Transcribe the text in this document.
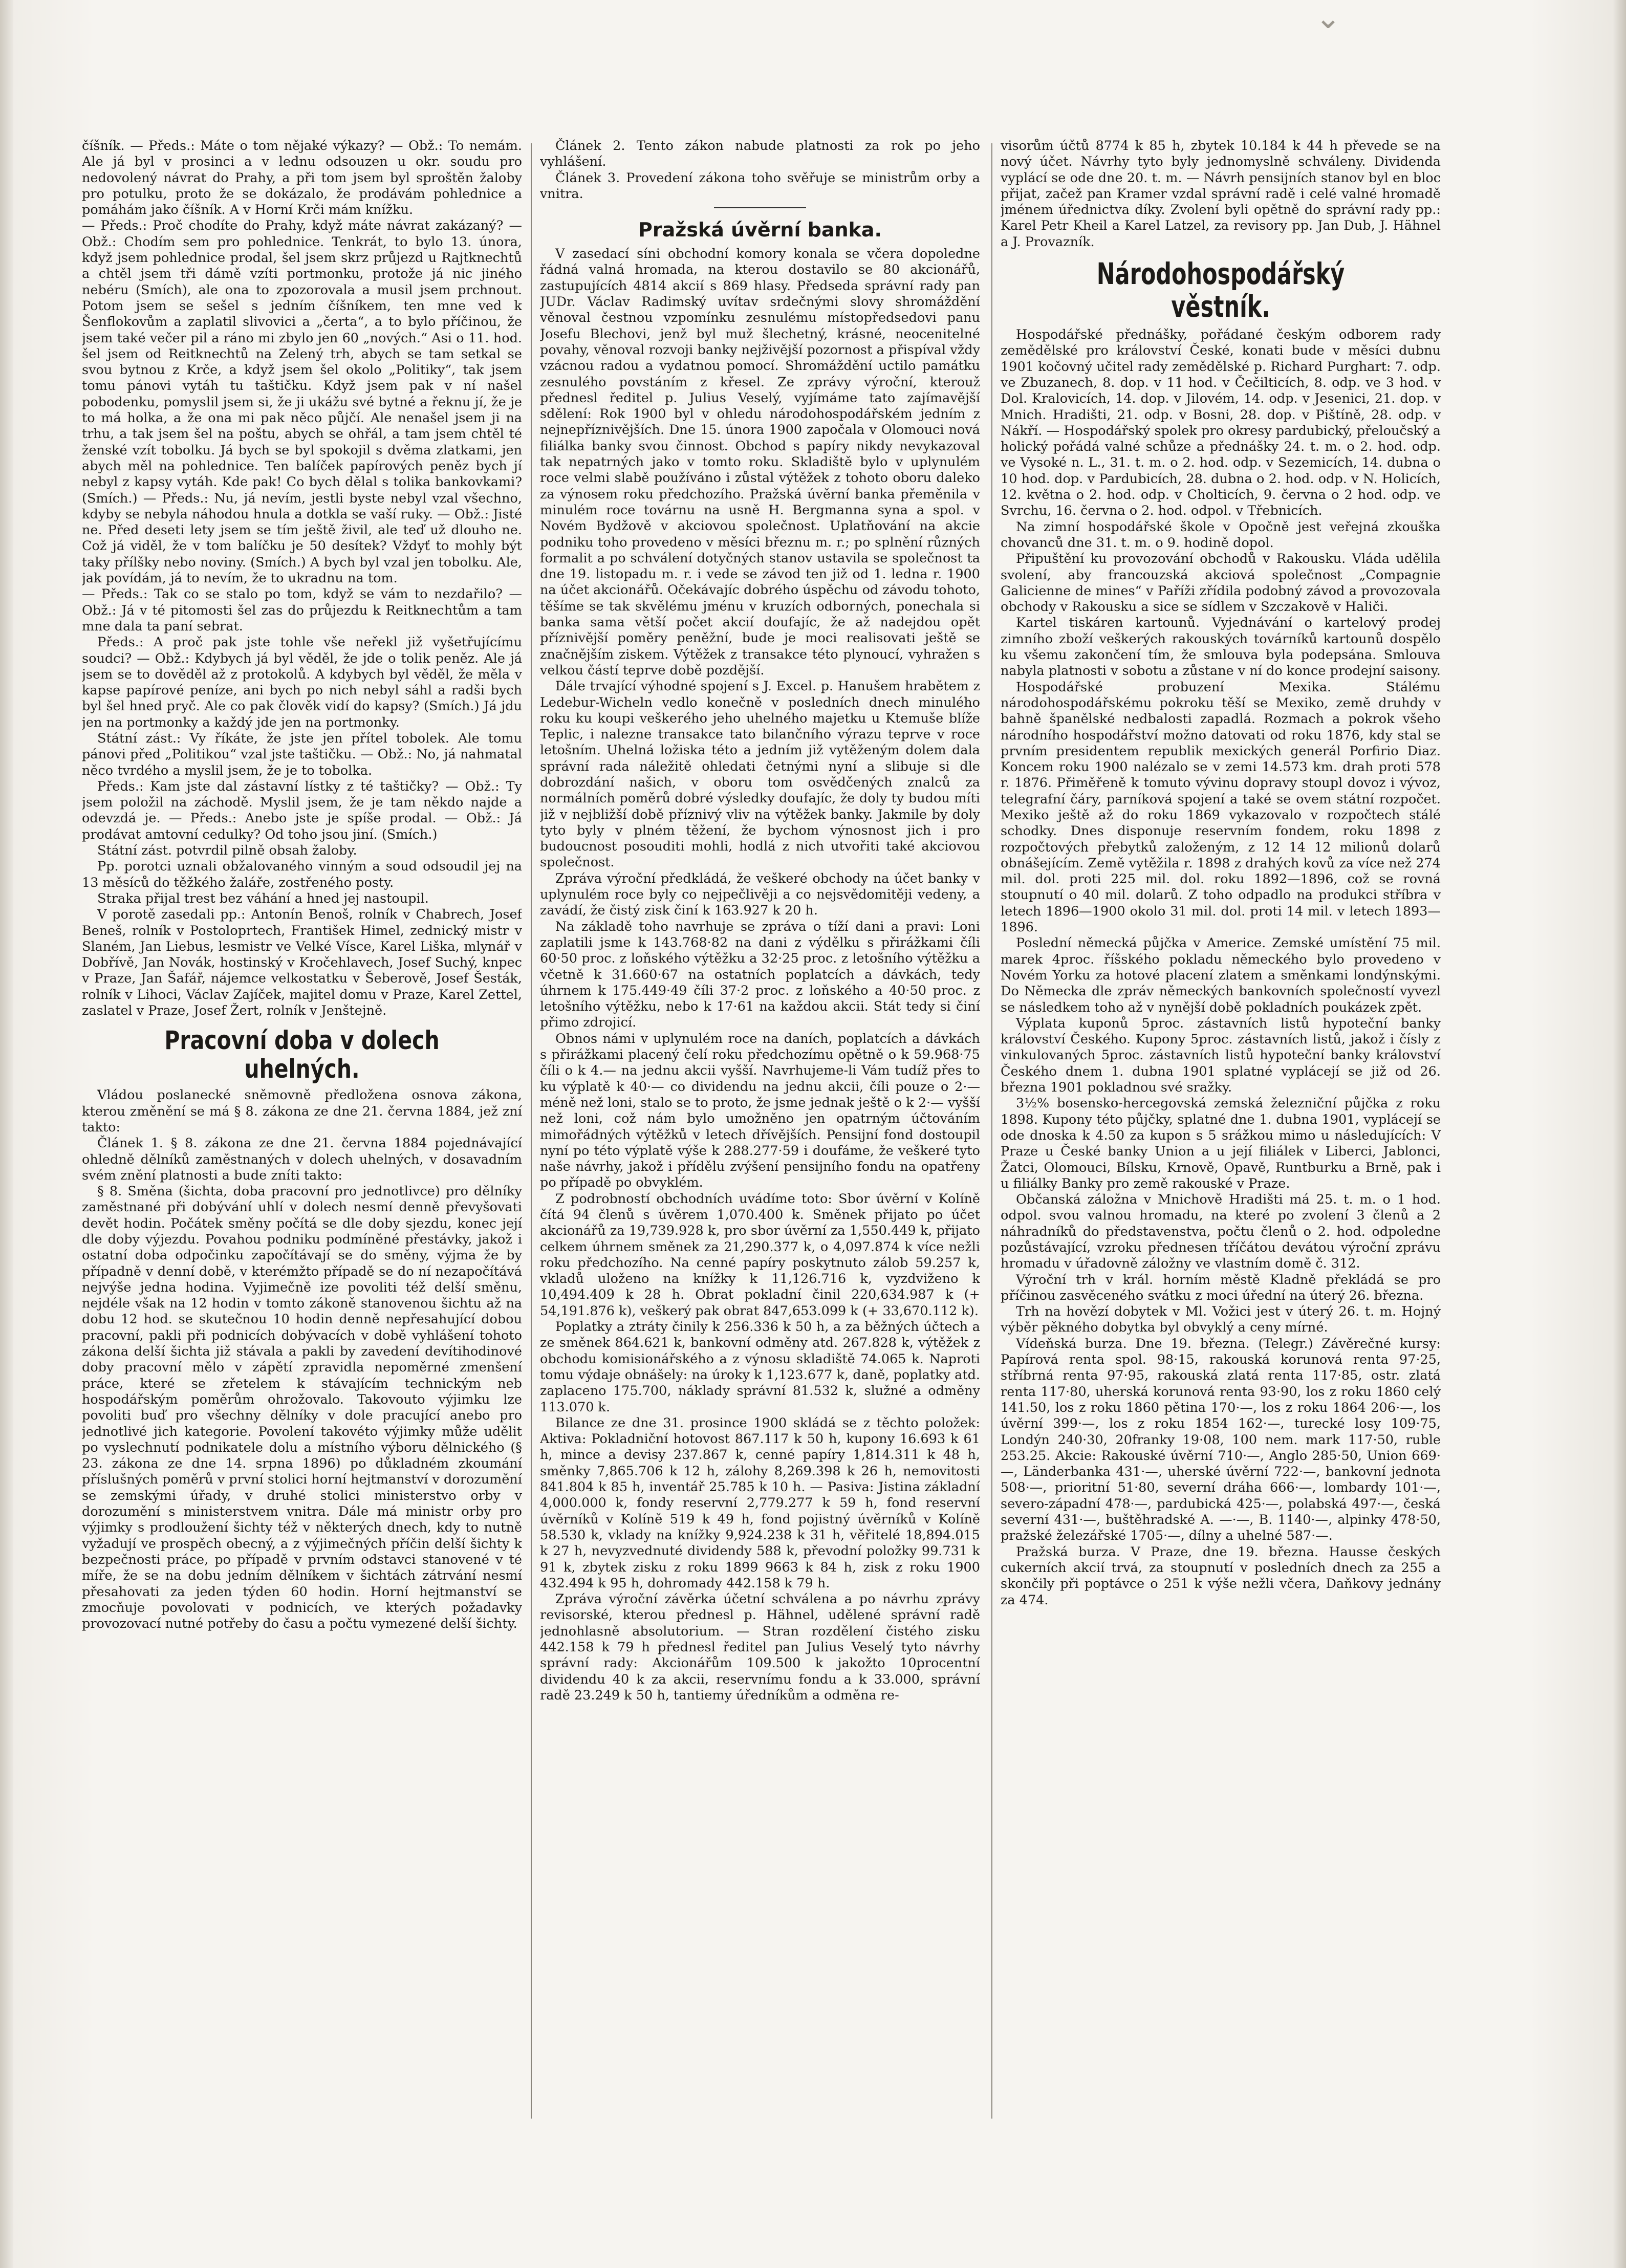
⌄

číšník. — Předs.: Máte o tom nějaké výkazy? — Obž.: To nemám. Ale já byl v prosinci a v lednu odsouzen u okr. soudu pro nedovolený návrat do Prahy, a při tom jsem byl sproštěn žaloby pro potulku, proto že se dokázalo, že prodávám pohlednice a pomáhám jako číšník. A v Horní Krči mám knížku.

— Předs.: Proč chodíte do Prahy, když máte návrat zakázaný? — Obž.: Chodím sem pro pohlednice. Tenkrát, to bylo 13. února, když jsem pohlednice prodal, šel jsem skrz průjezd u Rajtknechtů a chtěl jsem tři dámě vzíti portmonku, protože já nic jiného nebéru (Smích), ale ona to zpozorovala a musil jsem prchnout. Potom jsem se sešel s jedním číšníkem, ten mne ved k Šenflokovům a zaplatil slivovici a „čerta“, a to bylo příčinou, že jsem také večer pil a ráno mi zbylo jen 60 „nových.“ Asi o 11. hod. šel jsem od Reitknechtů na Zelený trh, abych se tam setkal se svou bytnou z Krče, a když jsem šel okolo „Politiky“, tak jsem tomu pánovi vytáh tu taštičku. Když jsem pak v ní našel pobodenku, pomyslil jsem si, že ji ukážu své bytné a řeknu jí, že je to má holka, a že ona mi pak něco půjčí. Ale nenašel jsem ji na trhu, a tak jsem šel na poštu, abych se ohřál, a tam jsem chtěl té ženské vzít tobolku. Já bych se byl spokojil s dvěma zlatkami, jen abych měl na pohlednice. Ten balíček papírových peněz bych jí nebyl z kapsy vytáh. Kde pak! Co bych dělal s tolika bankovkami? (Smích.) — Předs.: Nu, já nevím, jestli byste nebyl vzal všechno, kdyby se nebyla náhodou hnula a dotkla se vaší ruky. — Obž.: Jisté ne. Před deseti lety jsem se tím ještě živil, ale teď už dlouho ne. Což já viděl, že v tom balíčku je 50 desítek? Vždyť to mohly být taky přílšky nebo noviny. (Smích.) A bych byl vzal jen tobolku. Ale, jak povídám, já to nevím, že to ukradnu na tom.

— Předs.: Tak co se stalo po tom, když se vám to nezdařilo? — Obž.: Já v té pitomosti šel zas do průjezdu k Reitknechtům a tam mne dala ta paní sebrat.

Předs.: A proč pak jste tohle vše neřekl již vyšetřujícímu soudci? — Obž.: Kdybych já byl věděl, že jde o tolik peněz. Ale já jsem se to dověděl až z protokolů. A kdybych byl věděl, že měla v kapse papírové peníze, ani bych po nich nebyl sáhl a radši bych byl šel hned pryč. Ale co pak člověk vidí do kapsy? (Smích.) Já jdu jen na portmonky a každý jde jen na portmonky.

Státní zást.: Vy říkáte, že jste jen přítel tobolek. Ale tomu pánovi před „Politikou“ vzal jste taštičku. — Obž.: No, já nahmatal něco tvrdého a myslil jsem, že je to tobolka.

Předs.: Kam jste dal zástavní lístky z té taštičky? — Obž.: Ty jsem položil na záchodě. Myslil jsem, že je tam někdo najde a odevzdá je. — Předs.: Anebo jste je spíše prodal. — Obž.: Já prodávat amtovní cedulky? Od toho jsou jiní. (Smích.)

Státní zást. potvrdil pilně obsah žaloby.

Pp. porotci uznali obžalovaného vinným a soud odsoudil jej na 13 měsíců do těžkého žaláře, zostřeného posty.

Straka přijal trest bez váhání a hned jej nastoupil.

V porotě zasedali pp.: Antonín Benoš, rolník v Chabrech, Josef Beneš, rolník v Postoloprtech, František Himel, zednický mistr v Slaném, Jan Liebus, lesmistr ve Velké Vísce, Karel Liška, mlynář v Dobřívě, Jan Novák, hostinský v Kročehlavech, Josef Suchý, knpec v Praze, Jan Šafář, nájemce velkostatku v Šeberově, Josef Šesták, rolník v Lihoci, Václav Zajíček, majitel domu v Praze, Karel Zettel, zaslatel v Praze, Josef Žert, rolník v Jenštejně.

Pracovní doba v dolech uhelných.

Vládou poslanecké sněmovně předložena osnova zákona, kterou změnění se má § 8. zákona ze dne 21. června 1884, jež zní takto:

Článek 1. § 8. zákona ze dne 21. června 1884 pojednávající ohledně dělníků zaměstnaných v dolech uhelných, v dosavadním svém znění platnosti a bude zníti takto:

§ 8. Směna (šichta, doba pracovní pro jednotlivce) pro dělníky zaměstnané při dobývání uhlí v dolech nesmí denně převyšovati devět hodin. Počátek směny počítá se dle doby sjezdu, konec její dle doby výjezdu. Povahou podniku podmíněné přestávky, jakož i ostatní doba odpočinku započítávají se do směny, výjma že by případně v denní době, v kterémžto případě se do ní nezapočítává nejvýše jedna hodina. Vyjimečně ize povoliti též delší směnu, nejdéle však na 12 hodin v tomto zákoně stanovenou šichtu až na dobu 12 hod. se skutečnou 10 hodin denně nepřesahující dobou pracovní, pakli při podnicích dobývacích v době vyhlášení tohoto zákona delší šichta již stávala a pakli by zavedení devítihodinové doby pracovní mělo v zápětí zpravidla nepoměrné zmenšení práce, které se zřetelem k stávajícím technickým neb hospodářským poměrům ohrožovalo. Takovouto výjimku lze povoliti buď pro všechny dělníky v dole pracující anebo pro jednotlivé jich kategorie. Povolení takovéto výjimky může udělit po vyslechnutí podnikatele dolu a místního výboru dělnického (§ 23. zákona ze dne 14. srpna 1896) po důkladném zkoumání příslušných poměrů v první stolici horní hejtmanství v dorozumění se zemskými úřady, v druhé stolici ministerstvo orby v dorozumění s ministerstvem vnitra. Dále má ministr orby pro výjimky s prodloužení šichty též v některých dnech, kdy to nutně vyžadují ve prospěch obecný, a z výjimečných příčin delší šichty k bezpečnosti práce, po případě v prvním odstavci stanovené v té míře, že se na dobu jedním dělníkem v šichtách zátrvání nesmí přesahovati za jeden týden 60 hodin. Horní hejtmanství se zmocňuje povolovati v podnicích, ve kterých požadavky provozovací nutné potřeby do času a počtu vymezené delší šichty.

Článek 2. Tento zákon nabude platnosti za rok po jeho vyhlášení.

Článek 3. Provedení zákona toho svěřuje se ministrům orby a vnitra.

Pražská úvěrní banka.

V zasedací síni obchodní komory konala se včera dopoledne řádná valná hromada, na kterou dostavilo se 80 akcionářů, zastupujících 4814 akcií s 869 hlasy. Předseda správní rady pan JUDr. Václav Radimský uvítav srdečnými slovy shromáždění věnoval čestnou vzpomínku zesnulému místopředsedovi panu Josefu Blechovi, jenž byl muž šlechetný, krásné, neocenitelné povahy, věnoval rozvoji banky nejživější pozornost a přispíval vždy vzácnou radou a vydatnou pomocí. Shromáždění uctilo památku zesnulého povstáním z křesel. Ze zprávy výroční, kterouž přednesl ředitel p. Julius Veselý, vyjímáme tato zajímavější sdělení: Rok 1900 byl v ohledu národohospodářském jedním z nejnepříznivějších. Dne 15. února 1900 započala v Olomouci nová filiálka banky svou činnost. Obchod s papíry nikdy nevykazoval tak nepatrných jako v tomto roku. Skladiště bylo v uplynulém roce velmi slabě používáno i zůstal výtěžek z tohoto oboru daleko za výnosem roku předchozího. Pražská úvěrní banka přeměnila v minulém roce továrnu na usně H. Bergmanna syna a spol. v Novém Bydžově v akciovou společnost. Uplatňování na akcie podniku toho provedeno v měsíci březnu m. r.; po splnění různých formalit a po schválení dotyčných stanov ustavila se společnost ta dne 19. listopadu m. r. i vede se závod ten již od 1. ledna r. 1900 na účet akcionářů. Očekávajíc dobrého úspěchu od závodu tohoto, těšíme se tak skvělému jménu v kruzích odborných, ponechala si banka sama větší počet akcií doufajíc, že až nadejdou opět příznivější poměry peněžní, bude je moci realisovati ještě se značnějším ziskem. Výtěžek z transakce této plynoucí, vyhražen s velkou částí teprve době pozdější.

Dále trvající výhodné spojení s J. Excel. p. Hanušem hrabětem z Ledebur-Wicheln vedlo konečně v posledních dnech minulého roku ku koupi veškerého jeho uhelného majetku u Ktemuše blíže Teplic, i nalezne transakce tato bilančního výrazu teprve v roce letošním. Uhelná ložiska této a jedním již vytěženým dolem dala správní rada náležitě ohledati četnými nyní a slibuje si dle dobrozdání našich, v oboru tom osvědčených znalců za normálních poměrů dobré výsledky doufajíc, že doly ty budou míti již v nejbližší době příznivý vliv na výtěžek banky. Jakmile by doly tyto byly v plném těžení, že bychom výnosnost jich i pro budoucnost posouditi mohli, hodlá z nich utvořiti také akciovou společnost.

Zpráva výroční předkládá, že veškeré obchody na účet banky v uplynulém roce byly co nejpečlivěji a co nejsvědomitěji vedeny, a zavádí, že čistý zisk činí k 163.927 k 20 h.

Na základě toho navrhuje se zpráva o tíží dani a pravi: Loni zaplatili jsme k 143.768·82 na dani z výdělku s přirážkami číli 60·50 proc. z loňského výtěžku a 32·25 proc. z letošního výtěžku a včetně k 31.660·67 na ostatních poplatcích a dávkách, tedy úhrnem k 175.449·49 číli 37·2 proc. z loňského a 40·50 proc. z letošního výtěžku, nebo k 17·61 na každou akcii. Stát tedy si činí přimo zdrojicí.

Obnos námi v uplynulém roce na daních, poplatcích a dávkách s přirážkami placený čelí roku předchozímu opětně o k 59.968·75 číli o k 4.— na jednu akcii vyšší. Navrhujeme-li Vám tudíž přes to ku výplatě k 40·— co dividendu na jednu akcii, číli pouze o 2·— méně než loni, stalo se to proto, že jsme jednak ještě o k 2·— vyšší než loni, což nám bylo umožněno jen opatrným účtováním mimořádných výtěžků v letech dřívějších. Pensijní fond dostoupil nyní po této výplatě výše k 288.277·59 i doufáme, že veškeré tyto naše návrhy, jakož i přídělu zvýšení pensijního fondu na opatřeny po případě po obvyklém.

Z podrobností obchodních uvádíme toto: Sbor úvěrní v Kolíně čítá 94 členů s úvěrem 1,070.400 k. Směnek přijato po účet akcionářů za 19,739.928 k, pro sbor úvěrní za 1,550.449 k, přijato celkem úhrnem směnek za 21,290.377 k, o 4,097.874 k více nežli roku předchozího. Na cenné papíry poskytnuto zálob 59.257 k, vkladů uloženo na knížky k 11,126.716 k, vyzdviženo k 10,494.409 k 28 h. Obrat pokladní činil 220,634.987 k (+ 54,191.876 k), veškerý pak obrat 847,653.099 k (+ 33,670.112 k).

Poplatky a ztráty činily k 256.336 k 50 h, a za běžných účtech a ze směnek 864.621 k, bankovní odměny atd. 267.828 k, výtěžek z obchodu komisionářského a z výnosu skladiště 74.065 k. Naproti tomu výdaje obnášely: na úroky k 1,123.677 k, daně, poplatky atd. zaplaceno 175.700, náklady správní 81.532 k, služné a odměny 113.070 k.

Bilance ze dne 31. prosince 1900 skládá se z těchto položek: Aktiva: Pokladniční hotovost 867.117 k 50 h, kupony 16.693 k 61 h, mince a devisy 237.867 k, cenné papíry 1,814.311 k 48 h, směnky 7,865.706 k 12 h, zálohy 8,269.398 k 26 h, nemovitosti 841.804 k 85 h, inventář 25.785 k 10 h. — Pasiva: Jistina základní 4,000.000 k, fondy reservní 2,779.277 k 59 h, fond reservní úvěrníků v Kolíně 519 k 49 h, fond pojistný úvěrníků v Kolíně 58.530 k, vklady na knížky 9,924.238 k 31 h, věřitelé 18,894.015 k 27 h, nevyzvednuté dividendy 588 k, převodní položky 99.731 k 91 k, zbytek zisku z roku 1899 9663 k 84 h, zisk z roku 1900 432.494 k 95 h, dohromady 442.158 k 79 h.

Zpráva výroční závěrka účetní schválena a po návrhu zprávy revisorské, kterou přednesl p. Hähnel, udělené správní radě jednohlasně absolutorium. — Stran rozdělení čistého zisku 442.158 k 79 h přednesl ředitel pan Julius Veselý tyto návrhy správní rady: Akcionářům 109.500 k jakožto 10procentní dividendu 40 k za akcii, reservnímu fondu a k 33.000, správní radě 23.249 k 50 h, tantiemy úředníkům a odměna re-

visorům účtů 8774 k 85 h, zbytek 10.184 k 44 h převede se na nový účet. Návrhy tyto byly jednomyslně schváleny. Dividenda vyplácí se ode dne 20. t. m. — Návrh pensijních stanov byl en bloc přijat, začež pan Kramer vzdal správní radě i celé valné hromadě jménem úřednictva díky. Zvolení byli opětně do správní rady pp.: Karel Petr Kheil a Karel Latzel, za revisory pp. Jan Dub, J. Hähnel a J. Provazník.

Národohospodářský věstník.

Hospodářské přednášky, pořádané českým odborem rady zemědělské pro království České, konati bude v měsíci dubnu 1901 kočovný učitel rady zemědělské p. Richard Purghart: 7. odp. ve Zbuzanech, 8. dop. v 11 hod. v Čečilticích, 8. odp. ve 3 hod. v Dol. Kralovicích, 14. dop. v Jilovém, 14. odp. v Jesenici, 21. dop. v Mnich. Hradišti, 21. odp. v Bosni, 28. dop. v Pištíně, 28. odp. v Nákří. — Hospodářský spolek pro okresy pardubický, přeloučský a holický pořádá valné schůze a přednášky 24. t. m. o 2. hod. odp. ve Vysoké n. L., 31. t. m. o 2. hod. odp. v Sezemicích, 14. dubna o 10 hod. dop. v Pardubicích, 28. dubna o 2. hod. odp. v N. Holicích, 12. května o 2. hod. odp. v Cholticích, 9. června o 2 hod. odp. ve Svrchu, 16. června o 2. hod. odpol. v Třebnicích.

Na zimní hospodářské škole v Opočně jest veřejná zkouška chovanců dne 31. t. m. o 9. hodině dopol.

Připuštění ku provozování obchodů v Rakousku. Vláda udělila svolení, aby francouzská akciová společnost „Compagnie Galicienne de mines“ v Paříži zřídila podobný závod a provozovala obchody v Rakousku a sice se sídlem v Szczakově v Haliči.

Kartel tiskáren kartounů. Vyjednávání o kartelový prodej zimního zboží veškerých rakouských továrníků kartounů dospělo ku všemu zakončení tím, že smlouva byla podepsána. Smlouva nabyla platnosti v sobotu a zůstane v ní do konce prodejní saisony.

Hospodářské probuzení Mexika. Stálému národohospodářskému pokroku těší se Mexiko, země druhdy v bahně španělské nedbalosti zapadlá. Rozmach a pokrok všeho národního hospodářství možno datovati od roku 1876, kdy stal se prvním presidentem republik mexických generál Porfirio Diaz. Koncem roku 1900 nalézalo se v zemi 14.573 km. drah proti 578 r. 1876. Přiměřeně k tomuto vývinu dopravy stoupl dovoz i vývoz, telegrafní čáry, parníková spojení a také se ovem státní rozpočet. Mexiko ještě až do roku 1869 vykazovalo v rozpočtech stálé schodky. Dnes disponuje reservním fondem, roku 1898 z rozpočtových přebytků založeným, z 12 14 12 milionů dolarů obnášejícím. Země vytěžila r. 1898 z drahých kovů za více než 274 mil. dol. proti 225 mil. dol. roku 1892—1896, což se rovná stoupnutí o 40 mil. dolarů. Z toho odpadlo na produkci stříbra v letech 1896—1900 okolo 31 mil. dol. proti 14 mil. v letech 1893—1896.

Poslední německá půjčka v Americe. Zemské umístění 75 mil. marek 4proc. říšského pokladu německého bylo provedeno v Novém Yorku za hotové placení zlatem a směnkami londýnskými. Do Německa dle zpráv německých bankovních společností vyvezl se následkem toho až v nynější době pokladních poukázek zpět.

Výplata kuponů 5proc. zástavních listů hypoteční banky království Českého. Kupony 5proc. zástavních listů, jakož i čísly z vinkulovaných 5proc. zástavních listů hypoteční banky království Českého dnem 1. dubna 1901 splatné vyplácejí se již od 26. března 1901 pokladnou své sražky.

3½% bosensko-hercegovská zemská železniční půjčka z roku 1898. Kupony této půjčky, splatné dne 1. dubna 1901, vyplácejí se ode dnoska k 4.50 za kupon s 5 srážkou mimo u následujících: V Praze u České banky Union a u její filiálek v Liberci, Jablonci, Žatci, Olomouci, Bílsku, Krnově, Opavě, Runtburku a Brně, pak i u filiálky Banky pro země rakouské v Praze.

Občanská záložna v Mnichově Hradišti má 25. t. m. o 1 hod. odpol. svou valnou hromadu, na které po zvolení 3 členů a 2 náhradníků do představenstva, počtu členů o 2. hod. odpoledne pozůstávající, vzroku přednesen tříčátou devátou výroční zprávu hromadu v úřadovně záložny ve vlastním domě č. 312.

Výroční trh v král. horním městě Kladně překládá se pro příčinou zasvěceného svátku z moci úřední na úterý 26. března.

Trh na hovězí dobytek v Ml. Vožici jest v úterý 26. t. m. Hojný výběr pěkného dobytka byl obvyklý a ceny mírné.

Vídeňská burza. Dne 19. března. (Telegr.) Závěrečné kursy: Papírová renta spol. 98·15, rakouská korunová renta 97·25, stříbrná renta 97·95, rakouská zlatá renta 117·85, ostr. zlatá renta 117·80, uherská korunová renta 93·90, los z roku 1860 celý 141.50, los z roku 1860 pětina 170·—, los z roku 1864 206·—, los úvěrní 399·—, los z roku 1854 162·—, turecké losy 109·75, Londýn 240·30, 20franky 19·08, 100 nem. mark 117·50, ruble 253.25. Akcie: Rakouské úvěrní 710·—, Anglo 285·50, Union 669·—, Länderbanka 431·—, uherské úvěrní 722·—, bankovní jednota 508·—, prioritní 51·80, severní dráha 666·—, lombardy 101·—, severo-západní 478·—, pardubická 425·—, polabská 497·—, česká severní 431·—, buštěhradské A. —·—, B. 1140·—, alpinky 478·50, pražské železářské 1705·—, dílny a uhelné 587·—.

Pražská burza. V Praze, dne 19. března. Hausse českých cukerních akcií trvá, za stoupnutí v posledních dnech za 255 a skončily při poptávce o 251 k výše nežli včera, Daňkovy jednány za 474.
